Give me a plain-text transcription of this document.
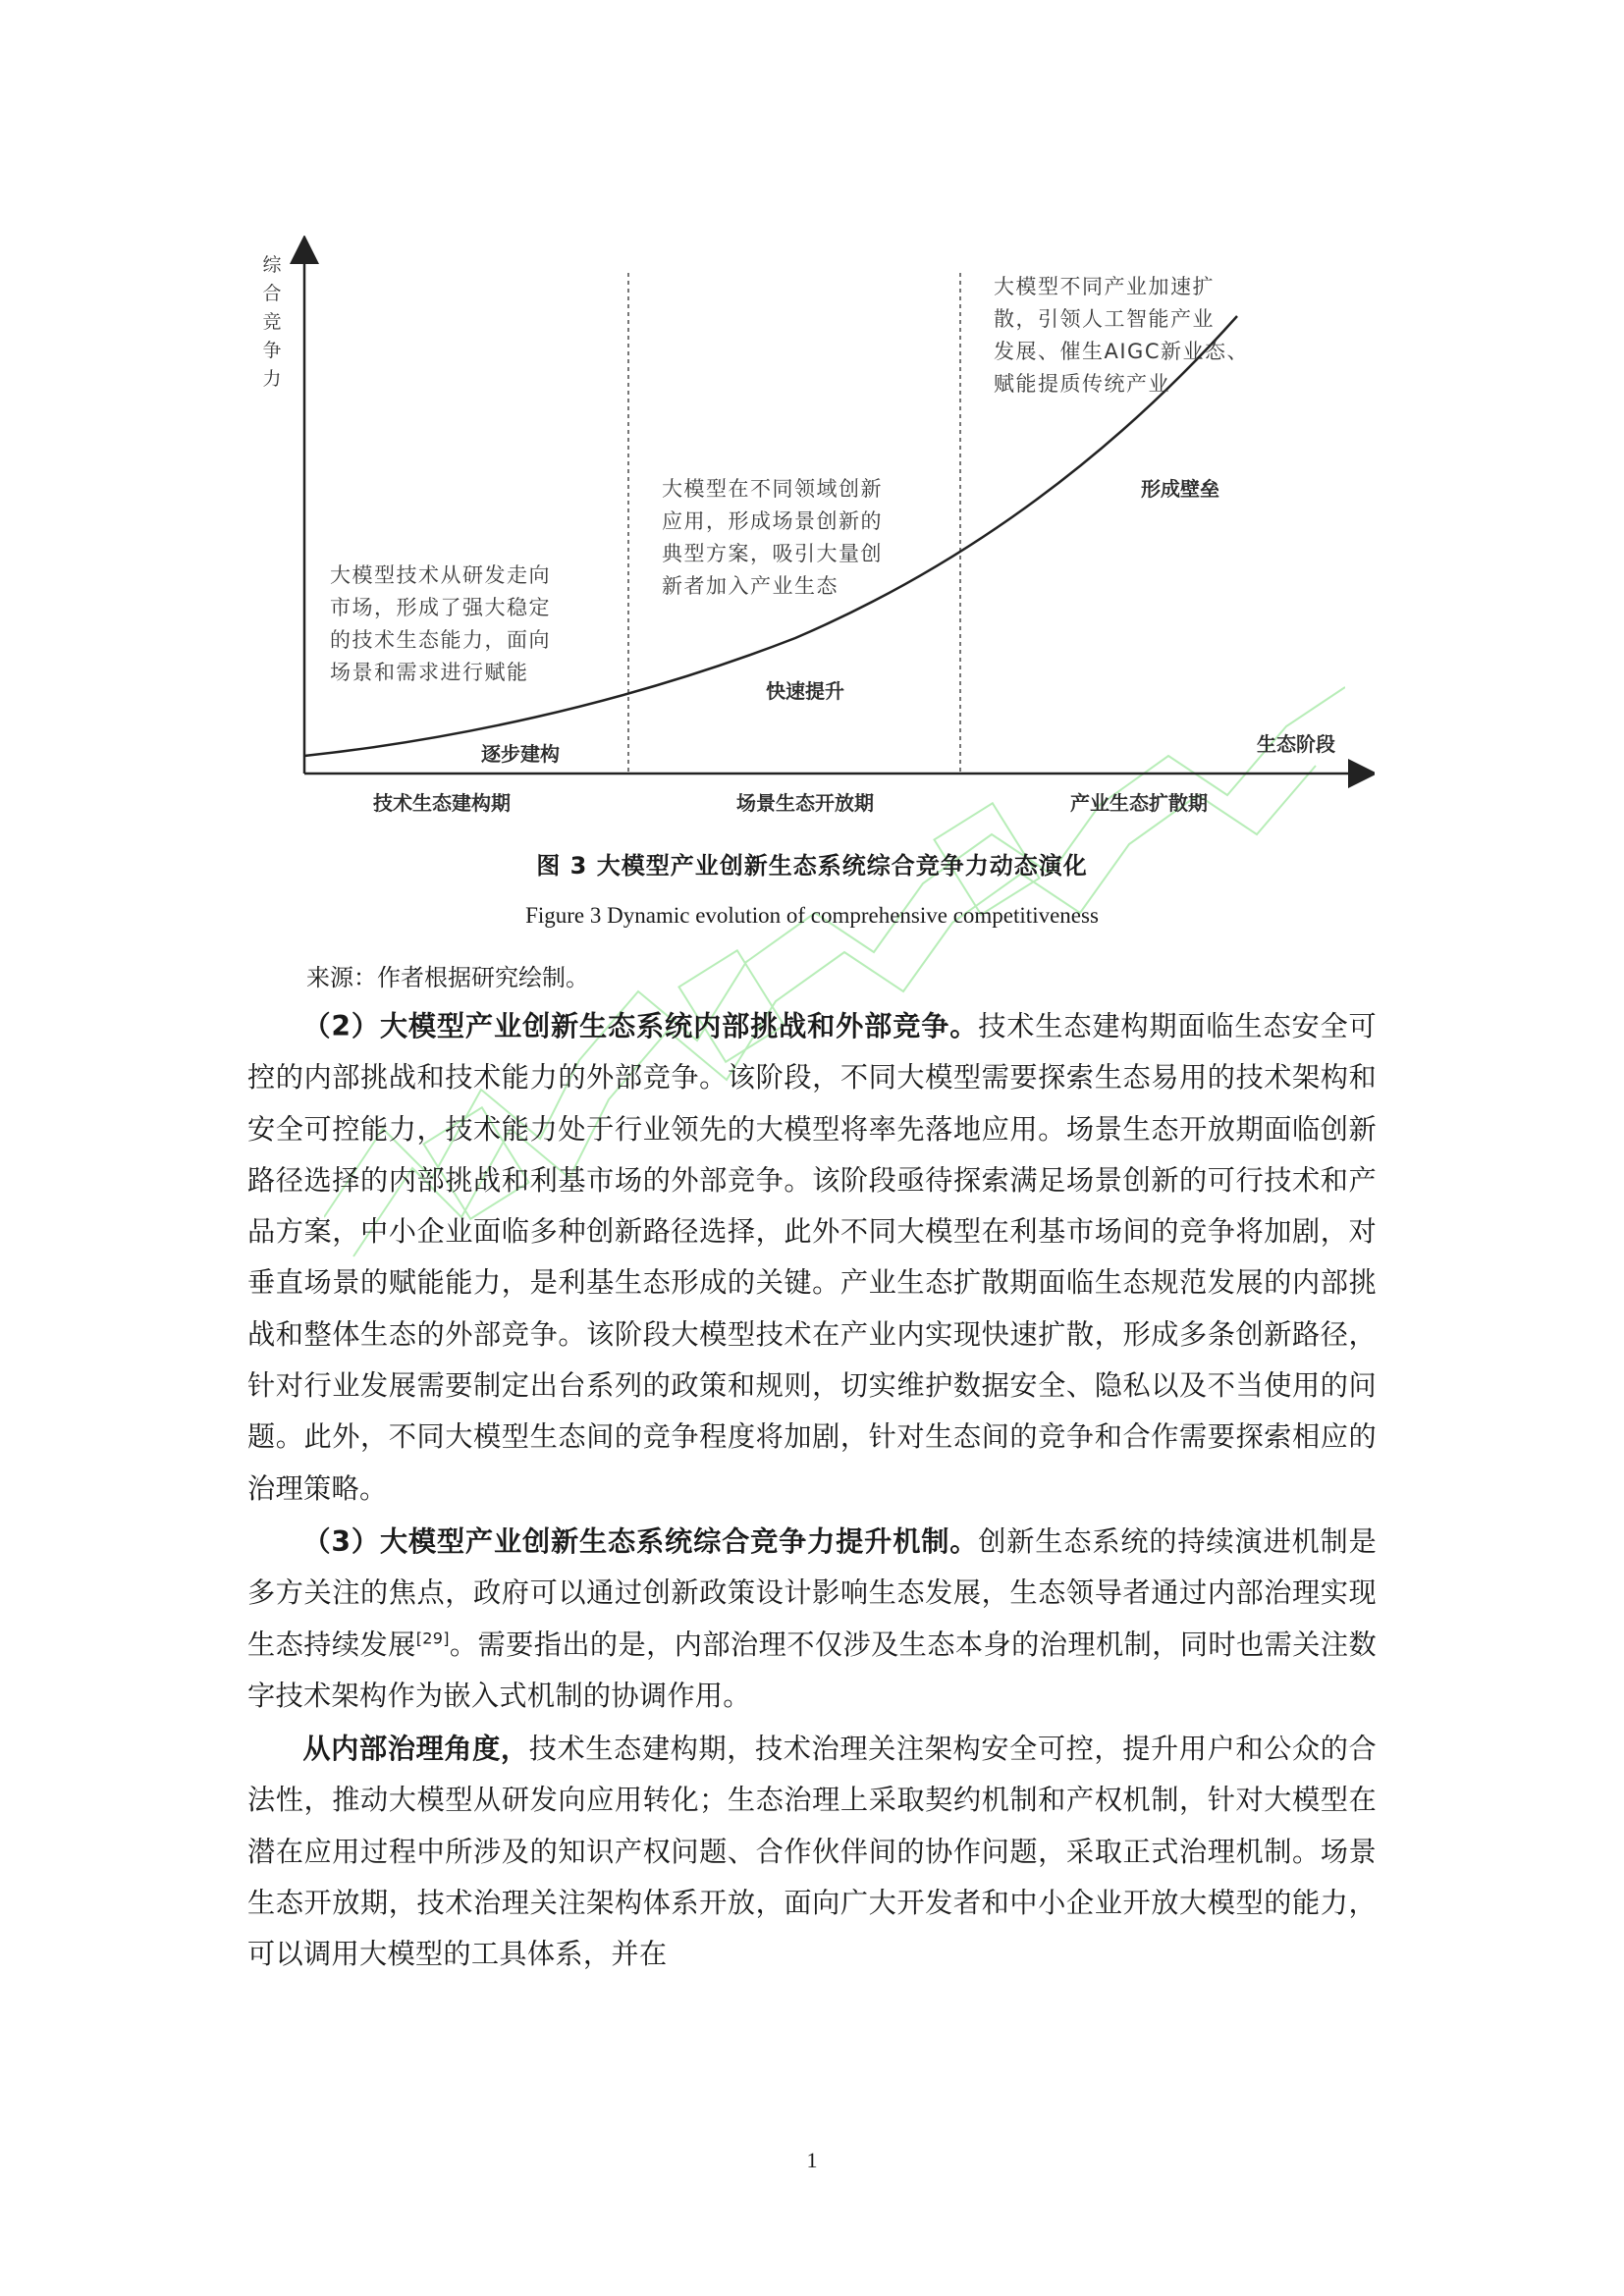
综合竞争力
大模型技术从研发走向
市场，形成了强大稳定
的技术生态能力，面向
场景和需求进行赋能
大模型在不同领域创新
应用，形成场景创新的
典型方案，吸引大量创
新者加入产业生态
大模型不同产业加速扩
散，引领人工智能产业
发展、催生AIGC新业态、
赋能提质传统产业
逐步建构
快速提升
形成壁垒
生态阶段
技术生态建构期	场景生态开放期	产业生态扩散期
图 3 大模型产业创新生态系统综合竞争力动态演化
Figure 3 Dynamic evolution of comprehensive competitiveness
来源：作者根据研究绘制。

（2）大模型产业创新生态系统内部挑战和外部竞争。技术生态建构期面临生态安全可控的内部挑战和技术能力的外部竞争。该阶段，不同大模型需要探索生态易用的技术架构和安全可控能力，技术能力处于行业领先的大模型将率先落地应用。场景生态开放期面临创新路径选择的内部挑战和利基市场的外部竞争。该阶段亟待探索满足场景创新的可行技术和产品方案，中小企业面临多种创新路径选择，此外不同大模型在利基市场间的竞争将加剧，对垂直场景的赋能能力，是利基生态形成的关键。产业生态扩散期面临生态规范发展的内部挑战和整体生态的外部竞争。该阶段大模型技术在产业内实现快速扩散，形成多条创新路径，针对行业发展需要制定出台系列的政策和规则，切实维护数据安全、隐私以及不当使用的问题。此外，不同大模型生态间的竞争程度将加剧，针对生态间的竞争和合作需要探索相应的治理策略。

（3）大模型产业创新生态系统综合竞争力提升机制。创新生态系统的持续演进机制是多方关注的焦点，政府可以通过创新政策设计影响生态发展，生态领导者通过内部治理实现生态持续发展[29]。需要指出的是，内部治理不仅涉及生态本身的治理机制，同时也需关注数字技术架构作为嵌入式机制的协调作用。

从内部治理角度，技术生态建构期，技术治理关注架构安全可控，提升用户和公众的合法性，推动大模型从研发向应用转化；生态治理上采取契约机制和产权机制，针对大模型在潜在应用过程中所涉及的知识产权问题、合作伙伴间的协作问题，采取正式治理机制。场景生态开放期，技术治理关注架构体系开放，面向广大开发者和中小企业开放大模型的能力，可以调用大模型的工具体系，并在

1
